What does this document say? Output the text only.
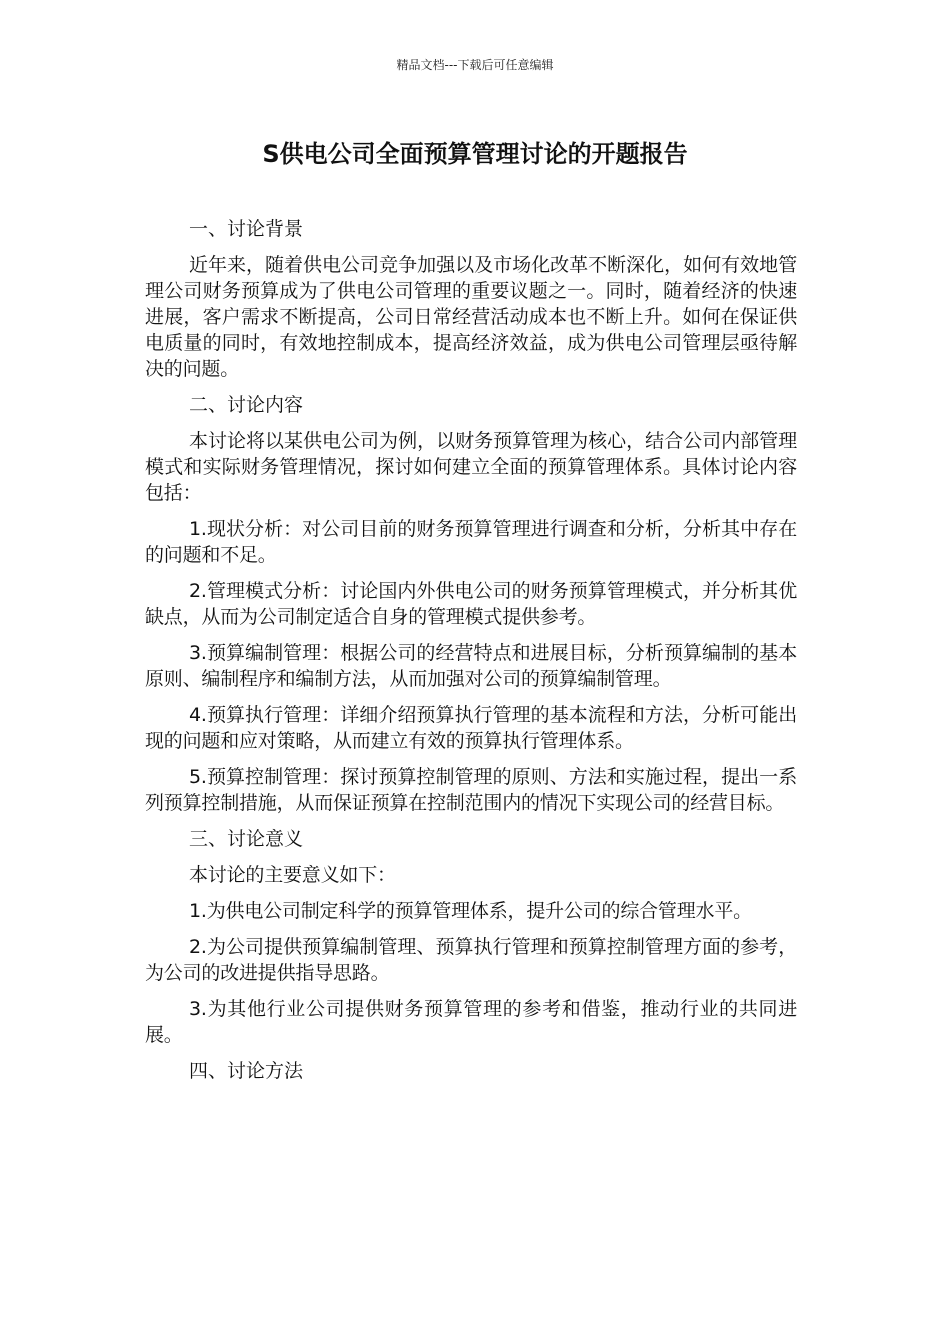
精品文档---下载后可任意编辑
S供电公司全面预算管理讨论的开题报告

一、讨论背景

近年来，随着供电公司竞争加强以及市场化改革不断深化，如何有效地管理公司财务预算成为了供电公司管理的重要议题之一。同时，随着经济的快速进展，客户需求不断提高，公司日常经营活动成本也不断上升。如何在保证供电质量的同时，有效地控制成本，提高经济效益，成为供电公司管理层亟待解决的问题。

二、讨论内容

本讨论将以某供电公司为例，以财务预算管理为核心，结合公司内部管理模式和实际财务管理情况，探讨如何建立全面的预算管理体系。具体讨论内容包括：

1.现状分析：对公司目前的财务预算管理进行调查和分析，分析其中存在的问题和不足。

2.管理模式分析：讨论国内外供电公司的财务预算管理模式，并分析其优缺点，从而为公司制定适合自身的管理模式提供参考。

3.预算编制管理：根据公司的经营特点和进展目标，分析预算编制的基本原则、编制程序和编制方法，从而加强对公司的预算编制管理。

4.预算执行管理：详细介绍预算执行管理的基本流程和方法，分析可能出现的问题和应对策略，从而建立有效的预算执行管理体系。

5.预算控制管理：探讨预算控制管理的原则、方法和实施过程，提出一系列预算控制措施，从而保证预算在控制范围内的情况下实现公司的经营目标。

三、讨论意义

本讨论的主要意义如下：

1.为供电公司制定科学的预算管理体系，提升公司的综合管理水平。

2.为公司提供预算编制管理、预算执行管理和预算控制管理方面的参考，为公司的改进提供指导思路。

3.为其他行业公司提供财务预算管理的参考和借鉴，推动行业的共同进展。

四、讨论方法
